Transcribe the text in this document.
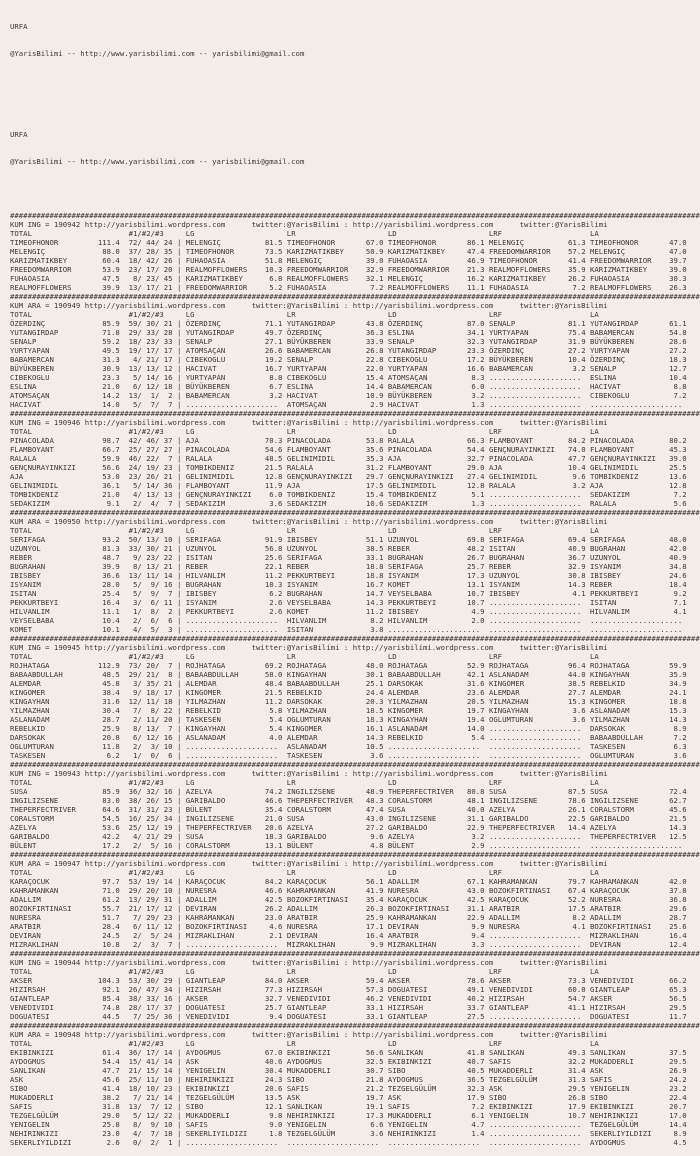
URFA

@YarisBilimi -- http://www.yarisbilimi.com -- yarisbilimi@gmail.com

URFA

@YarisBilimi -- http://www.yarisbilimi.com -- yarisbilimi@gmail.com

#############################################################################################################################################################
KUM ING = 190942 http://yarisbilimi.wordpress.com      twitter:@YarisBilimi : http://yarisbilimi.wordpress.com      twitter:@YarisBilimi
TOTAL                      #1/#2/#3     LG                     LR                     LD                     LRF                    LA
TIMEOFHONOR         111.4  72/ 44/ 24 | MELENGIÇ          81.5 TIMEOFHONOR       67.0 TIMEOFHONOR       86.1 MELENGIÇ          61.3 TIMEOFHONOR       47.0
MELENGIÇ             88.0  37/ 28/ 35 | TIMEOFHONOR       73.5 KARIZMATIKBEY     50.9 KARIZMATIKBEY     47.4 FREEDOMWARRIOR    57.2 MELENGIÇ          47.0
KARIZMATIKBEY        60.4  18/ 42/ 26 | FUHAOASIA         51.8 MELENGIÇ          39.0 FUHAOASIA         46.9 TIMEOFHONOR       41.4 FREEDOMWARRIOR    39.7
FREEDOMWARRIOR       53.9  23/ 17/ 20 | REALMOFFLOWERS    10.3 FREEDOMWARRIOR    32.9 FREEDOMWARRIOR    21.3 REALMOFFLOWERS    35.9 KARIZMATIKBEY     39.0
FUHAOASIA            47.5   8/ 23/ 45 | KARIZMATIKBEY      6.8 REALMOFFLOWERS    32.1 MELENGIÇ          16.2 KARIZMATIKBEY     26.2 FUHAOASIA         30.3
REALMOFFLOWERS       39.9  13/ 17/ 21 | FREEDOMWARRIOR     5.2 FUHAOASIA          7.2 REALMOFFLOWERS    11.1 FUHAOASIA          7.2 REALMOFFLOWERS    26.3
#############################################################################################################################################################
KUM ARA = 190949 http://yarisbilimi.wordpress.com      twitter:@YarisBilimi : http://yarisbilimi.wordpress.com      twitter:@YarisBilimi
TOTAL                      #1/#2/#3     LG                     LR                     LD                     LRF                    LA
ÖZERDINÇ             85.9  59/ 30/ 21 | ÖZERDINÇ          71.1 YUTANGIRDAP       43.8 ÖZERDINÇ          87.0 SENALP            81.1 YUTANGIRDAP       61.1
YUTANGIRDAP          71.8  29/ 33/ 28 | YUTANGIRDAP       49.7 ÖZERDINÇ          36.3 ESLINA            34.1 YURTYAPAN         75.4 BABAMERCAN        54.8
SENALP               59.2  18/ 23/ 33 | SENALP            27.1 BÜYÜKBEREN        33.9 SENALP            32.3 YUTANGIRDAP       31.9 BÜYÜKBEREN        28.6
YURTYAPAN            49.5  19/ 17/ 17 | ATOMSAÇAN         26.6 BABAMERCAN        26.8 YUTANGIRDAP       23.3 ÖZERDINÇ          27.2 YURTYAPAN         27.2
BABAMERCAN           31.3   4/ 21/ 17 | CIBEKOGLU         19.2 SENALP            22.8 CIBEKOGLU         17.2 BÜYÜKBEREN        10.4 ÖZERDINÇ          18.3
BÜYÜKBEREN           30.9  13/ 13/ 12 | HACIVAT           16.7 YURTYAPAN         22.0 YURTYAPAN         16.6 BABAMERCAN         3.2 SENALP            12.7
CIBEKOGLU            23.3   5/ 14/ 16 | YURTYAPAN          8.8 CIBEKOGLU         15.4 ATOMSAÇAN          8.3 .....................  ESLINA            10.4
ESLINA               21.0   6/ 12/ 18 | BÜYÜKBEREN         6.7 ESLINA            14.4 BABAMERCAN         6.0 .....................  HACIVAT            8.8
ATOMSAÇAN            14.2  13/  1/  2 | BABAMERCAN         3.2 HACIVAT           10.9 BÜYÜKBEREN         3.2 .....................  CIBEKOGLU          7.2
HACIVAT              14.0   5/  7/  7 | .....................  ATOMSAÇAN          2.9 HACIVAT            1.3 .....................  .....................
#############################################################################################################################################################
KUM ING = 190946 http://yarisbilimi.wordpress.com      twitter:@YarisBilimi : http://yarisbilimi.wordpress.com      twitter:@YarisBilimi
TOTAL                      #1/#2/#3     LG                     LR                     LD                     LRF                    LA
PINACOLADA           98.7  42/ 46/ 37 | AJA               70.3 PINACOLADA        53.8 RALALA            66.3 FLAMBOYANT        84.2 PINACOLADA        80.2
FLAMBOYANT           66.7  25/ 27/ 27 | PINACOLADA        54.6 FLAMBOYANT        35.6 PINACOLADA        54.4 GENÇNURAYINKIZI   74.0 FLAMBOYANT        45.3
RALALA               59.9  46/ 22/  7 | RALALA            48.5 GELINIMIDIL       35.3 AJA               32.7 PINACOLADA        47.7 GENÇNURAYINKIZI   39.0
GENÇNURAYINKIZI      56.6  24/ 19/ 23 | TOMBIKDENIZ       21.5 RALALA            31.2 FLAMBOYANT        29.0 AJA               10.4 GELINIMIDIL       25.5
AJA                  53.0  23/ 26/ 21 | GELINIMIDIL       12.8 GENÇNURAYINKIZI   29.7 GENÇNURAYINKIZI   27.4 GELINIMIDIL        9.6 TOMBIKDENIZ       13.6
GELINIMIDIL          36.1   5/ 14/ 36 | FLAMBOYANT        11.9 AJA               17.5 GELINIMIDIL       12.8 RALALA             3.2 AJA               12.8
TOMBIKDENIZ          21.0   4/ 13/ 13 | GENÇNURAYINKIZI    6.0 TOMBIKDENIZ       15.4 TOMBIKDENIZ        5.1 .....................  SEDAKIZIM          7.2
SEDAKIZIM             9.1   2/  4/  7 | SEDAKIZIM          3.6 SEDAKIZIM         10.6 SEDAKIZIM          1.3 .....................  RALALA             5.6
#############################################################################################################################################################
KUM ARA = 190950 http://yarisbilimi.wordpress.com      twitter:@YarisBilimi : http://yarisbilimi.wordpress.com      twitter:@YarisBilimi
TOTAL                      #1/#2/#3     LG                     LR                     LD                     LRF                    LA
SERIFAGA             93.2  50/ 13/ 10 | SERIFAGA          91.9 IBISBEY           51.1 UZUNYOL           69.8 SERIFAGA          69.4 SERIFAGA          48.0
UZUNYOL              81.3  33/ 30/ 21 | UZUNYOL           56.8 UZUNYOL           38.5 REBER             48.2 ISITAN            40.9 BUGRAHAN          42.0
REBER                48.7   9/ 23/ 22 | ISITAN            25.6 SERIFAGA          33.1 BUGRAHAN          26.7 BUGRAHAN          36.7 UZUNYOL           40.9
BUGRAHAN             39.9   8/ 13/ 21 | REBER             22.1 REBER             18.8 SERIFAGA          25.7 REBER             32.9 ISYANIM           34.8
IBISBEY              36.6  13/ 11/ 14 | HILVANLIM         11.2 PEKKURTBEYI       18.8 ISYANIM           17.3 UZUNYOL           30.8 IBISBEY           24.6
ISYANIM              28.0   5/  9/ 16 | BUGRAHAN          10.3 ISYANIM           16.7 KOMET             13.1 ISYANIM           14.3 REBER             18.4
ISITAN               25.4   5/  9/  7 | IBISBEY            6.2 BUGRAHAN          14.7 VEYSELBABA        10.7 IBISBEY            4.1 PEKKURTBEYI        9.2
PEKKURTBEYI          16.4   3/  6/ 11 | ISYANIM            2.6 VEYSELBABA        14.3 PEKKURTBEYI       10.7 .....................  ISITAN             7.1
HILVANLIM            11.1   1/  8/  2 | PEKKURTBEYI        2.6 KOMET             11.2 IBISBEY            4.9 .....................  HILVANLIM          4.1
VEYSELBABA           10.4   2/  6/  6 | .....................  HILVANLIM          8.2 HILVANLIM          2.0 .....................  .....................
KOMET                10.1   4/  5/  3 | .....................  ISITAN             3.8 .....................  .....................  .....................
#############################################################################################################################################################
KUM ING = 190945 http://yarisbilimi.wordpress.com      twitter:@YarisBilimi : http://yarisbilimi.wordpress.com      twitter:@YarisBilimi
TOTAL                      #1/#2/#3     LG                     LR                     LD                     LRF                    LA
ROJHATAGA           112.9  73/ 20/  7 | ROJHATAGA         69.2 ROJHATAGA         48.0 ROJHATAGA         52.9 ROJHATAGA         96.4 ROJHATAGA         59.9
BABAABDULLAH         48.5  29/ 21/  8 | BABAABDULLAH      58.0 KINGAYHAN         30.1 BABAABDULLAH      42.1 ASLANADAM         44.0 KINGAYHAN         35.9
ALEMDAR              45.8   3/ 35/ 21 | ALEMDAR           48.4 BABAABDULLAH      25.1 DARSOKAK          31.6 KINGOMER          38.5 REBELKID          34.9
KINGOMER             38.4   9/ 18/ 17 | KINGOMER          21.5 REBELKID          24.4 ALEMDAR           23.6 ALEMDAR           27.7 ALEMDAR           24.1
KINGAYHAN            31.6  12/ 11/ 18 | YILMAZHAN         11.2 DARSOKAK          20.3 YILMAZHAN         20.5 YILMAZHAN         15.3 KINGOMER          18.8
YILMAZHAN            30.4   7/  8/ 22 | REBELKID           5.8 YILMAZHAN         18.5 KINGOMER          19.7 KINGAYHAN          3.6 ASLANADAM         15.3
ASLANADAM            28.7   2/ 11/ 20 | TASKESEN           5.4 OGLUMTURAN        18.3 KINGAYHAN         19.4 OGLUMTURAN         3.6 YILMAZHAN         14.3
REBELKID             25.9   8/ 13/  7 | KINGAYHAN          5.4 KINGOMER          16.1 ASLANADAM         14.0 .....................  DARSOKAK           8.9
DARSOKAK             20.8   6/ 12/ 16 | ASLANADAM          4.0 ALEMDAR           14.3 REBELKID           5.4 .....................  BABAABDULLAH       7.2
OGLUMTURAN           11.8   2/  3/ 10 | .....................  ASLANADAM         10.5 .....................  .....................  TASKESEN           6.3
TASKESEN              6.2   1/  0/  6 | .....................  TASKESEN           3.6 .....................  .....................  OGLUMTURAN         3.6
#############################################################################################################################################################
KUM ING = 190943 http://yarisbilimi.wordpress.com      twitter:@YarisBilimi : http://yarisbilimi.wordpress.com      twitter:@YarisBilimi
TOTAL                      #1/#2/#3     LG                     LR                     LD                     LRF                    LA
SUSA                 85.9  36/ 32/ 16 | AZELYA            74.2 INGILIZSENE       48.9 THEPERFECTRIVER   80.8 SUSA              87.5 SUSA              72.4
INGILIZSENE          83.0  38/ 26/ 15 | GARIBALDO         46.6 THEPERFECTRIVER   48.3 CORALSTORM        48.1 INGILIZSENE       78.6 INGILIZSENE       62.7
THEPERFECTRIVER      64.6  31/ 31/ 23 | BÜLENT            35.4 CORALSTORM        47.4 SUSA              40.0 AZELYA            26.1 CORALSTORM        45.6
CORALSTORM           54.5  16/ 25/ 34 | INGILIZSENE       21.0 SUSA              43.0 INGILIZSENE       31.1 GARIBALDO         22.5 GARIBALDO         21.5
AZELYA               53.6  25/ 12/ 19 | THEPERFECTRIVER   20.6 AZELYA            27.2 GARIBALDO         22.9 THEPERFECTRIVER   14.4 AZELYA            14.3
GARIBALDO            42.2   4/ 21/ 29 | SUSA              18.3 GARIBALDO          9.6 AZELYA             3.2 .....................  THEPERFECTRIVER   12.5
BÜLENT               17.2   2/  5/ 16 | CORALSTORM        13.1 BÜLENT             4.8 BÜLENT             2.9 .....................  .....................
#############################################################################################################################################################
KUM ARA = 190947 http://yarisbilimi.wordpress.com      twitter:@YarisBilimi : http://yarisbilimi.wordpress.com      twitter:@YarisBilimi
TOTAL                      #1/#2/#3     LG                     LR                     LD                     LRF                    LA
KARAÇOCUK            97.7  53/ 19/ 14 | KARAÇOCUK         84.2 KARAÇOCUK         56.1 ADALLIM           67.1 KAHRAMANKAN       79.7 KAHRAMANKAN       42.0
KAHRAMANKAN          71.0  29/ 20/ 10 | NURESRA           46.6 KAHRAMANKAN       41.9 NURESRA           43.0 BOZOKFIRTINASI    67.4 KARAÇOCUK         37.8
ADALLIM              61.2  13/ 29/ 31 | ADALLIM           42.5 BOZOKFIRTINASI    35.4 KARAÇOCUK         42.5 KARAÇOCUK         52.2 NURESRA           36.8
BOZOKFIRTINASI       55.7  21/ 17/ 12 | DEVIRAN           26.2 ADALLIM           26.3 BOZOKFIRTINASI    31.1 ARATBIR           17.5 ARATBIR           29.6
NURESRA              51.7   7/ 29/ 23 | KAHRAMANKAN       23.0 ARATBIR           25.9 KAHRAMANKAN       22.9 ADALLIM            8.2 ADALLIM           28.7
ARATBIR              28.4   6/ 11/ 12 | BOZOKFIRTINASI     4.6 NURESRA           17.1 DEVIRAN            9.9 NURESRA            4.1 BOZOKFIRTINASI    25.6
DEVIRAN              24.5   2/  5/ 24 | MIZRAKLIHAN        2.1 DEVIRAN           16.4 ARATBIR            9.4 .....................  MIZRAKLIHAN       16.4
MIZRAKLIHAN          10.8   2/  3/  7 | .....................  MIZRAKLIHAN        9.9 MIZRAKLIHAN        3.3 .....................  DEVIRAN           12.4
#############################################################################################################################################################
KUM ING = 190944 http://yarisbilimi.wordpress.com      twitter:@YarisBilimi : http://yarisbilimi.wordpress.com      twitter:@YarisBilimi
TOTAL                      #1/#2/#3     LG                     LR                     LD                     LRF                    LA
AKSER               104.3  53/ 30/ 29 | GIANTLEAP         84.0 AKSER             59.4 AKSER             78.6 AKSER             73.3 VENEDIVIDI        66.2
HIZIRSAH             92.1  26/ 47/ 34 | HIZIRSAH          77.3 HIZIRSAH          57.3 DOGUATESI         49.1 VENEDIVIDI        60.0 GIANTLEAP         65.3
GIANTLEAP            85.4  38/ 33/ 16 | AKSER             32.7 VENEDIVIDI        46.2 VENEDIVIDI        40.2 HIZIRSAH          54.7 AKSER             56.5
VENEDIVIDI           74.8  28/ 17/ 37 | DOGUATESI         25.7 GIANTLEAP         33.1 HIZIRSAH          33.7 GIANTLEAP         41.1 HIZIRSAH          29.5
DOGUATESI            44.5   7/ 25/ 36 | VENEDIVIDI         9.4 DOGUATESI         33.1 GIANTLEAP         27.5 .....................  DOGUATESI         11.7
#############################################################################################################################################################
KUM ARA = 190948 http://yarisbilimi.wordpress.com      twitter:@YarisBilimi : http://yarisbilimi.wordpress.com      twitter:@YarisBilimi
TOTAL                      #1/#2/#3     LG                     LR                     LD                     LRF                    LA
EKIBINKIZI           61.4  36/ 17/ 14 | AYDOGMUS          67.0 EKIBINKIZI        56.6 SANLIKAN          41.8 SANLIKAN          49.3 SANLIKAN          37.5
AYDOGMUS             54.4  15/ 41/ 14 | ASK               40.6 AYDOGMUS          32.5 EKIBINKIZI        40.7 SAFIS             32.2 MUKADDERLI        29.5
SANLIKAN             47.7  21/ 15/ 14 | YENIGELIN         30.4 MUKADDERLI        30.7 SIBO              40.5 MUKADDERLI        31.4 ASK               26.9
ASK                  45.6  25/ 11/ 10 | NEHIRINKIZI       24.3 SIBO              21.8 AYDOGMUS          36.5 TEZGELGÜLÜM       31.3 SAFIS             24.2
SIBO                 41.4  18/ 10/ 23 | EKIBINKIZI        20.6 SAFIS             21.2 TEZGELGÜLÜM       32.3 ASK               29.5 YENIGELIN         23.2
MUKADDERLI           38.2   7/ 21/ 14 | TEZGELGÜLÜM       13.5 ASK               19.7 ASK               17.9 SIBO              26.8 SIBO              22.4
SAFIS                31.8  13/  7/ 12 | SIBO              12.1 SANLIKAN          19.1 SAFIS              7.2 EKIBINKIZI        17.9 EKIBINKIZI        20.7
TEZGELGÜLÜM          29.0   5/ 12/ 22 | MUKADDERLI         9.8 NEHIRINKIZI       17.3 MUKADDERLI         6.1 YENIGELIN         10.7 NEHIRINKIZI       17.0
YENIGELIN            25.8   8/  9/ 10 | SAFIS              9.0 YENIGELIN          6.6 YENIGELIN          4.7 .....................  TEZGELGÜLÜM       14.4
NEHIRINKIZI          23.0   4/  7/ 18 | SEKERLIYILDIZI     1.8 TEZGELGÜLÜM        3.6 NEHIRINKIZI        1.4 .....................  SEKERLIYILDIZI     8.9
SEKERLIYILDIZI        2.6   0/  2/  1 | .....................  .....................  .....................  .....................  AYDOGMUS           4.5
